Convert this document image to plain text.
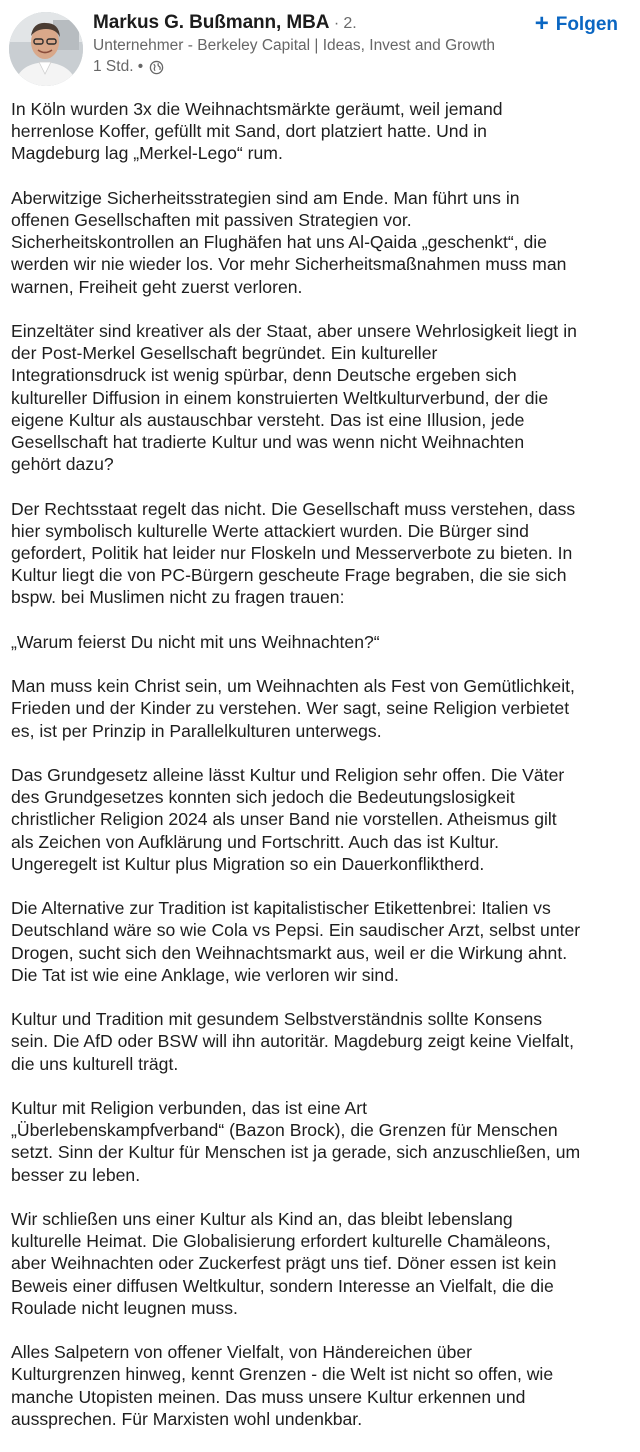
Markus G. Bußmann, MBA · 2.
Unternehmer - Berkeley Capital | Ideas, Invest and Growth
1 Std. •
+ Folgen

In Köln wurden 3x die Weihnachtsmärkte geräumt, weil jemand
herrenlose Koffer, gefüllt mit Sand, dort platziert hatte. Und in
Magdeburg lag „Merkel-Lego“ rum.

Aberwitzige Sicherheitsstrategien sind am Ende. Man führt uns in
offenen Gesellschaften mit passiven Strategien vor.
Sicherheitskontrollen an Flughäfen hat uns Al-Qaida „geschenkt“, die
werden wir nie wieder los. Vor mehr Sicherheitsmaßnahmen muss man
warnen, Freiheit geht zuerst verloren.

Einzeltäter sind kreativer als der Staat, aber unsere Wehrlosigkeit liegt in
der Post-Merkel Gesellschaft begründet. Ein kultureller
Integrationsdruck ist wenig spürbar, denn Deutsche ergeben sich
kultureller Diffusion in einem konstruierten Weltkulturverbund, der die
eigene Kultur als austauschbar versteht. Das ist eine Illusion, jede
Gesellschaft hat tradierte Kultur und was wenn nicht Weihnachten
gehört dazu?

Der Rechtsstaat regelt das nicht. Die Gesellschaft muss verstehen, dass
hier symbolisch kulturelle Werte attackiert wurden. Die Bürger sind
gefordert, Politik hat leider nur Floskeln und Messerverbote zu bieten. In
Kultur liegt die von PC-Bürgern gescheute Frage begraben, die sie sich
bspw. bei Muslimen nicht zu fragen trauen:

„Warum feierst Du nicht mit uns Weihnachten?“

Man muss kein Christ sein, um Weihnachten als Fest von Gemütlichkeit,
Frieden und der Kinder zu verstehen. Wer sagt, seine Religion verbietet
es, ist per Prinzip in Parallelkulturen unterwegs.

Das Grundgesetz alleine lässt Kultur und Religion sehr offen. Die Väter
des Grundgesetzes konnten sich jedoch die Bedeutungslosigkeit
christlicher Religion 2024 als unser Band nie vorstellen. Atheismus gilt
als Zeichen von Aufklärung und Fortschritt. Auch das ist Kultur.
Ungeregelt ist Kultur plus Migration so ein Dauerkonfliktherd.

Die Alternative zur Tradition ist kapitalistischer Etikettenbrei: Italien vs
Deutschland wäre so wie Cola vs Pepsi. Ein saudischer Arzt, selbst unter
Drogen, sucht sich den Weihnachtsmarkt aus, weil er die Wirkung ahnt.
Die Tat ist wie eine Anklage, wie verloren wir sind.

Kultur und Tradition mit gesundem Selbstverständnis sollte Konsens
sein. Die AfD oder BSW will ihn autoritär. Magdeburg zeigt keine Vielfalt,
die uns kulturell trägt.

Kultur mit Religion verbunden, das ist eine Art
„Überlebenskampfverband“ (Bazon Brock), die Grenzen für Menschen
setzt. Sinn der Kultur für Menschen ist ja gerade, sich anzuschließen, um
besser zu leben.

Wir schließen uns einer Kultur als Kind an, das bleibt lebenslang
kulturelle Heimat. Die Globalisierung erfordert kulturelle Chamäleons,
aber Weihnachten oder Zuckerfest prägt uns tief. Döner essen ist kein
Beweis einer diffusen Weltkultur, sondern Interesse an Vielfalt, die die
Roulade nicht leugnen muss.

Alles Salpetern von offener Vielfalt, von Händereichen über
Kulturgrenzen hinweg, kennt Grenzen - die Welt ist nicht so offen, wie
manche Utopisten meinen. Das muss unsere Kultur erkennen und
aussprechen. Für Marxisten wohl undenkbar.
